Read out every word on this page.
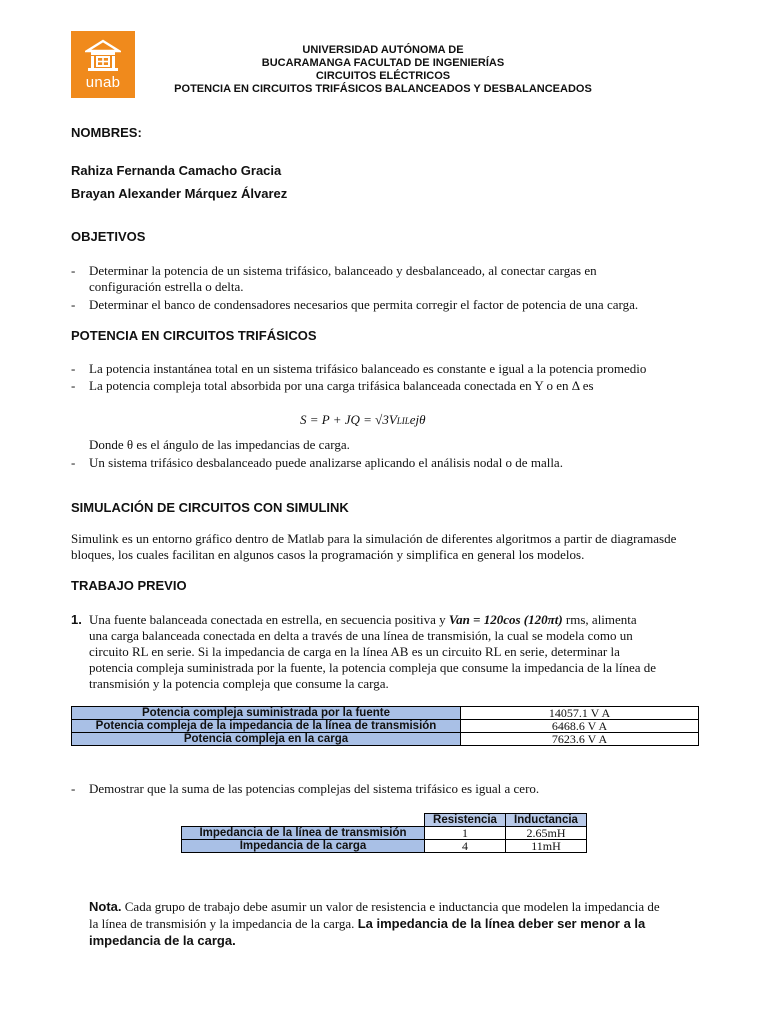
unab
UNIVERSIDAD AUTÓNOMA DE
BUCARAMANGA FACULTAD DE INGENIERÍAS
CIRCUITOS ELÉCTRICOS
POTENCIA EN CIRCUITOS TRIFÁSICOS BALANCEADOS Y DESBALANCEADOS
NOMBRES:
Rahiza Fernanda Camacho Gracia
Brayan Alexander Márquez Álvarez
OBJETIVOS
- Determinar la potencia de un sistema trifásico, balanceado y desbalanceado, al conectar cargas en
configuración estrella o delta.
- Determinar el banco de condensadores necesarios que permita corregir el factor de potencia de una carga.
POTENCIA EN CIRCUITOS TRIFÁSICOS
- La potencia instantánea total en un sistema trifásico balanceado es constante e igual a la potencia promedio
- La potencia compleja total absorbida por una carga trifásica balanceada conectada en Y o en Δ es
S = P + JQ = √3VLILejθ
Donde θ es el ángulo de las impedancias de carga.
- Un sistema trifásico desbalanceado puede analizarse aplicando el análisis nodal o de malla.
SIMULACIÓN DE CIRCUITOS CON SIMULINK
Simulink es un entorno gráfico dentro de Matlab para la simulación de diferentes algoritmos a partir de diagramasde
bloques, los cuales facilitan en algunos casos la programación y simplifica en general los modelos.
TRABAJO PREVIO
1. Una fuente balanceada conectada en estrella, en secuencia positiva y Van = 120cos (120πt) rms, alimenta
una carga balanceada conectada en delta a través de una línea de transmisión, la cual se modela como un
circuito RL en serie. Si la impedancia de carga en la línea AB es un circuito RL en serie, determinar la
potencia compleja suministrada por la fuente, la potencia compleja que consume la impedancia de la línea de
transmisión y la potencia compleja que consume la carga.
Potencia compleja suministrada por la fuente	14057.1 V A
Potencia compleja de la impedancia de la línea de transmisión	6468.6 V A
Potencia compleja en la carga	7623.6 V A
- Demostrar que la suma de las potencias complejas del sistema trifásico es igual a cero.
	Resistencia	Inductancia
Impedancia de la línea de transmisión	1	2.65mH
Impedancia de la carga	4	11mH
Nota. Cada grupo de trabajo debe asumir un valor de resistencia e inductancia que modelen la impedancia de
la línea de transmisión y la impedancia de la carga. La impedancia de la línea deber ser menor a la
impedancia de la carga.
